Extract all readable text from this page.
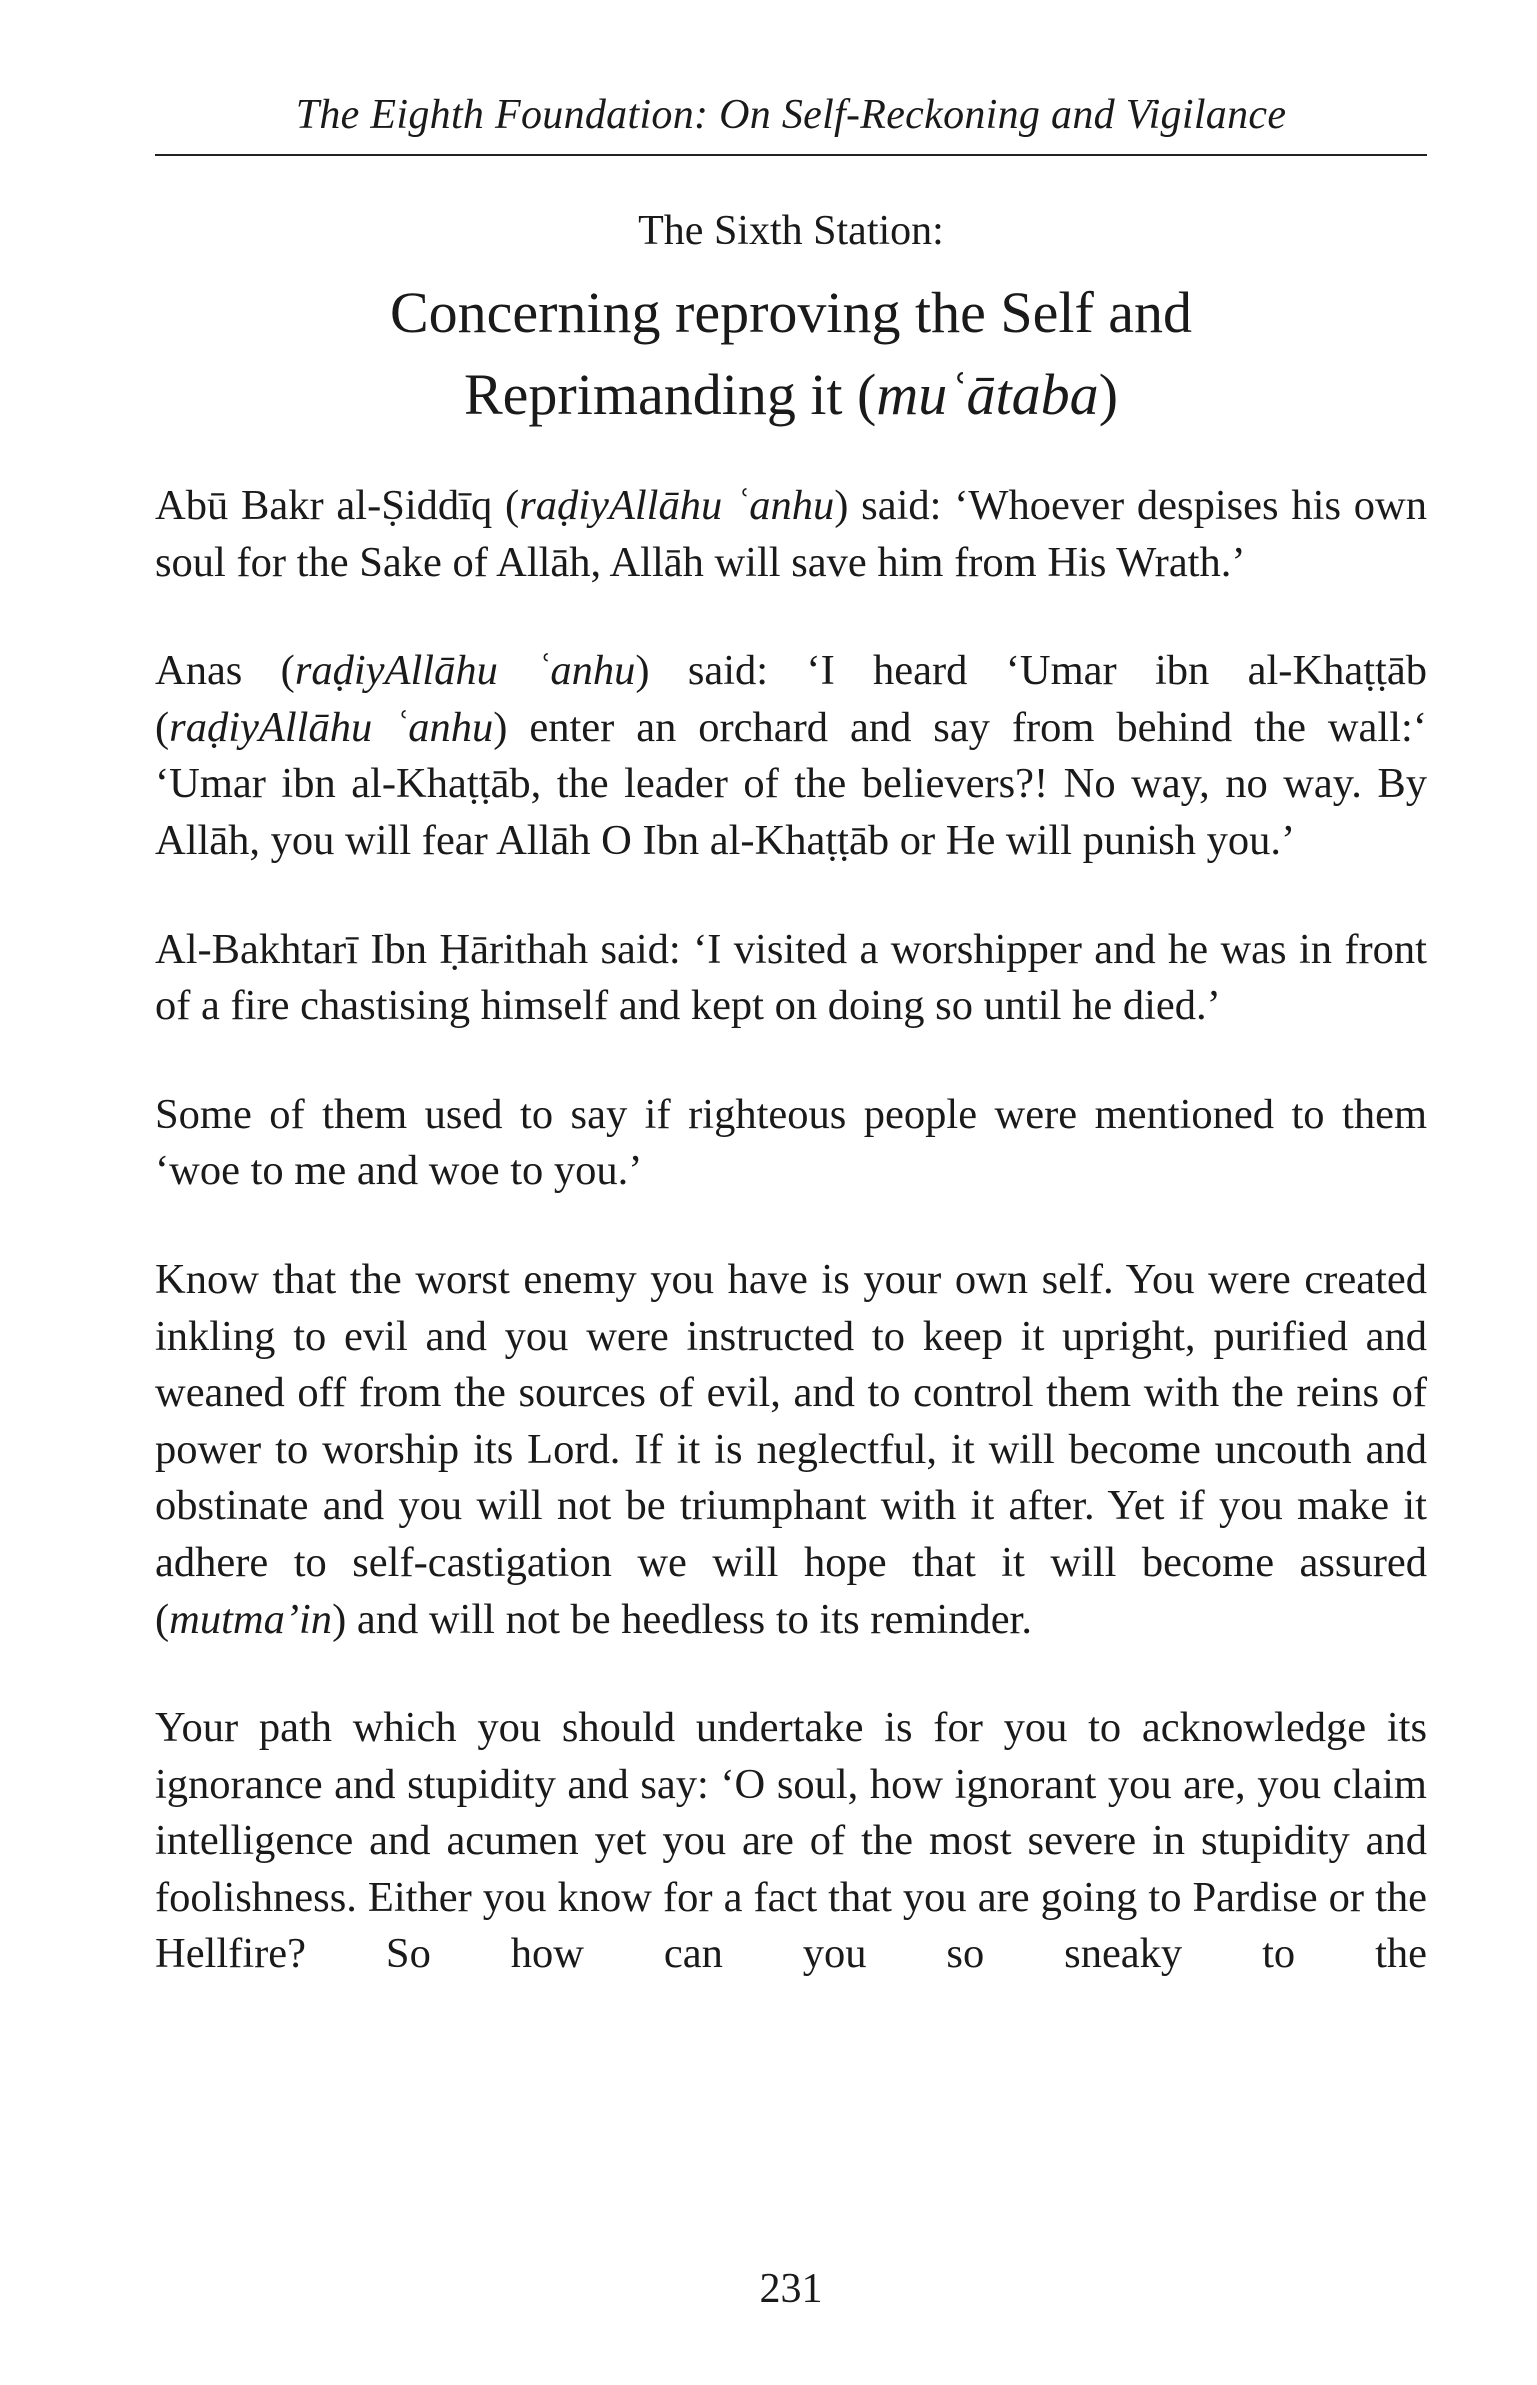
The Eighth Foundation: On Self-Reckoning and Vigilance
The Sixth Station:
Concerning reproving the Self and
Reprimanding it (muʿātaba)

Abū Bakr al-Ṣiddīq (raḍiyAllāhu ʿanhu) said: ‘Whoever despises his own soul for the Sake of Allāh, Allāh will save him from His Wrath.’

Anas (raḍiyAllāhu ʿanhu) said: ‘I heard ‘Umar ibn al-Khaṭṭāb (raḍiyAllāhu ʿanhu) enter an orchard and say from behind the wall:‘ ‘Umar ibn al-Khaṭṭāb, the leader of the believers?! No way, no way. By Allāh, you will fear Allāh O Ibn al-Khaṭṭāb or He will punish you.’

Al-Bakhtarī Ibn Ḥārithah said: ‘I visited a worshipper and he was in front of a fire chastising himself and kept on doing so until he died.’

Some of them used to say if righteous people were mentioned to them ‘woe to me and woe to you.’

Know that the worst enemy you have is your own self. You were created inkling to evil and you were instructed to keep it upright, purified and weaned off from the sources of evil, and to control them with the reins of power to worship its Lord. If it is neglectful, it will become uncouth and obstinate and you will not be triumphant with it after. Yet if you make it adhere to self-castigation we will hope that it will become assured (mutma’in) and will not be heedless to its reminder.

Your path which you should undertake is for you to acknowledge its ignorance and stupidity and say: ‘O soul, how ignorant you are, you claim intelligence and acumen yet you are of the most severe in stupidity and foolishness. Either you know for a fact that you are going to Pardise or the Hellfire? So how can you so sneaky to the

231
